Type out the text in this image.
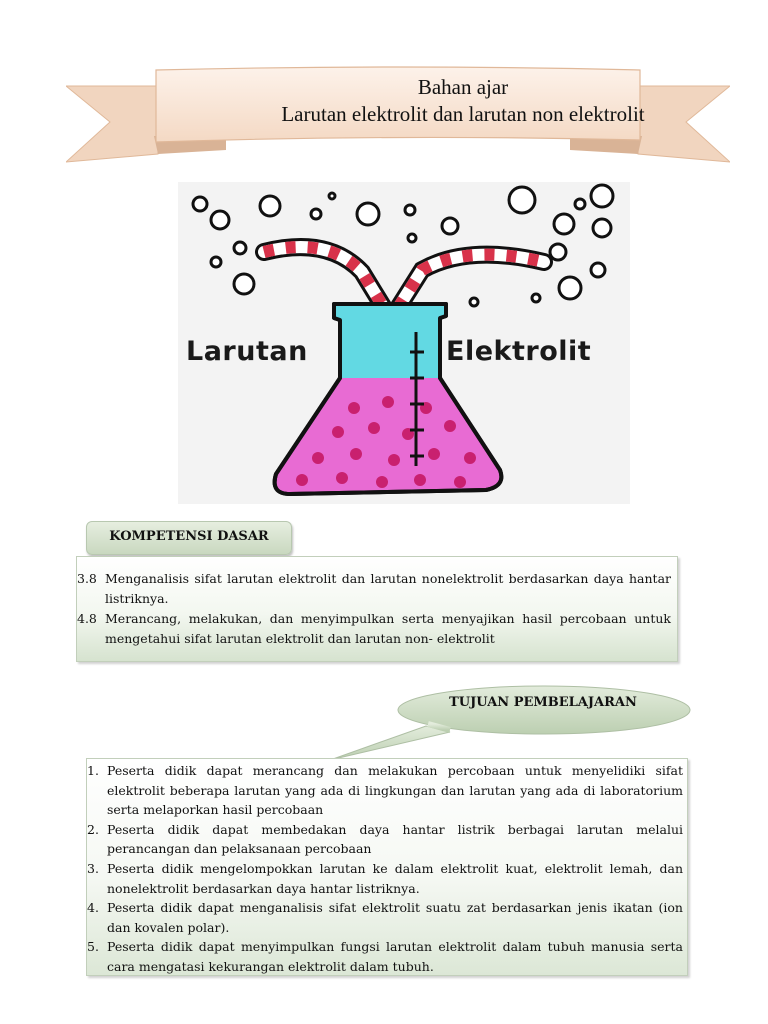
Bahan ajar
Larutan elektrolit dan larutan non elektrolit
Larutan	Elektrolit
KOMPETENSI DASAR
3.8 Menganalisis sifat larutan elektrolit dan larutan nonelektrolit berdasarkan daya hantar listriknya.
4.8 Merancang, melakukan, dan menyimpulkan serta menyajikan hasil percobaan untuk mengetahui sifat larutan elektrolit dan larutan non- elektrolit
TUJUAN PEMBELAJARAN
1. Peserta didik dapat merancang dan melakukan percobaan untuk menyelidiki sifat elektrolit beberapa larutan yang ada di lingkungan dan larutan yang ada di laboratorium serta melaporkan hasil percobaan
2. Peserta didik dapat membedakan daya hantar listrik berbagai larutan melalui perancangan dan pelaksanaan percobaan
3. Peserta didik mengelompokkan larutan ke dalam elektrolit kuat, elektrolit lemah, dan nonelektrolit berdasarkan daya hantar listriknya.
4. Peserta didik dapat menganalisis sifat elektrolit suatu zat berdasarkan jenis ikatan (ion dan kovalen polar).
5. Peserta didik dapat menyimpulkan fungsi larutan elektrolit dalam tubuh manusia serta cara mengatasi kekurangan elektrolit dalam tubuh.
